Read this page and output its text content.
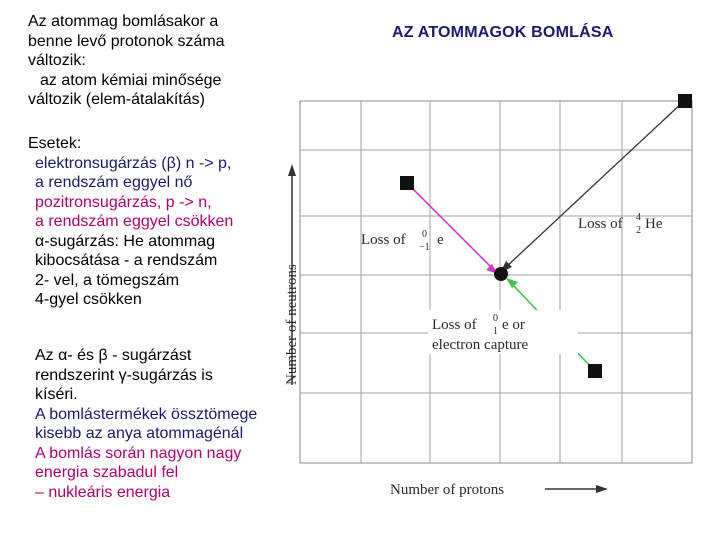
AZ ATOMMAGOK BOMLÁSA
Az atommag bomlásakor a
benne levő protonok száma
változik:
az atom kémiai minősége
változik (elem-átalakítás)
Esetek:
elektronsugárzás (β) n -> p,
a rendszám eggyel nő
pozitronsugárzás, p -> n,
a rendszám eggyel csökken
α-sugárzás: He atommag
kibocsátása - a rendszám
2- vel, a tömegszám
4-gyel csökken
Az α- és β - sugárzást
rendszerint γ-sugárzás is
kíséri.
A bomlástermékek össztömege
kisebb az anya atommagénál
A bomlás során nagyon nagy
energia szabadul fel
– nukleáris energia
Number of neutrons
Number of protons
Loss of 0
−1 e
Loss of 4
2 He
Loss of 0
1 e or
electron capture
